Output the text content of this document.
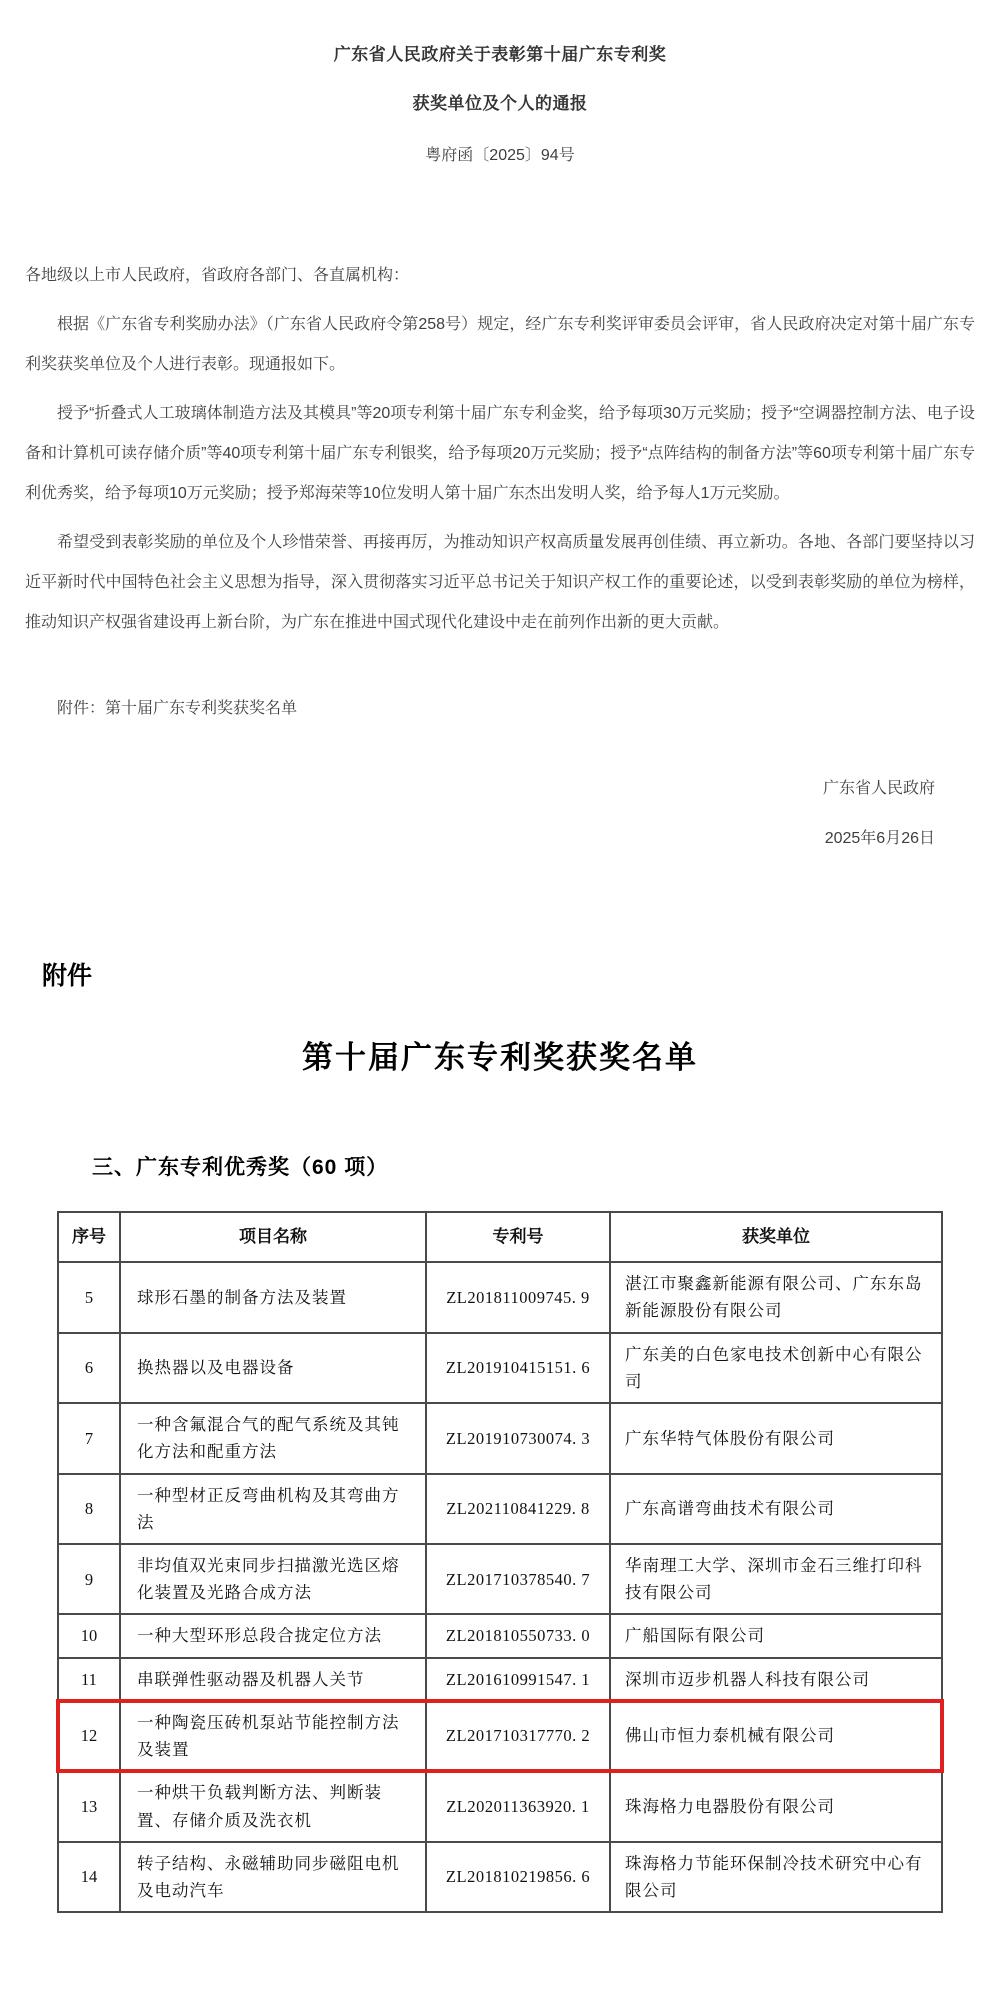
广东省人民政府关于表彰第十届广东专利奖
获奖单位及个人的通报
粤府函〔2025〕94号
各地级以上市人民政府，省政府各部门、各直属机构：

根据《广东省专利奖励办法》（广东省人民政府令第258号）规定，经广东专利奖评审委员会评审，省人民政府决定对第十届广东专利奖获奖单位及个人进行表彰。现通报如下。

授予“折叠式人工玻璃体制造方法及其模具”等20项专利第十届广东专利金奖，给予每项30万元奖励；授予“空调器控制方法、电子设备和计算机可读存储介质”等40项专利第十届广东专利银奖，给予每项20万元奖励；授予“点阵结构的制备方法”等60项专利第十届广东专利优秀奖，给予每项10万元奖励；授予郑海荣等10位发明人第十届广东杰出发明人奖，给予每人1万元奖励。

希望受到表彰奖励的单位及个人珍惜荣誉、再接再厉，为推动知识产权高质量发展再创佳绩、再立新功。各地、各部门要坚持以习近平新时代中国特色社会主义思想为指导，深入贯彻落实习近平总书记关于知识产权工作的重要论述，以受到表彰奖励的单位为榜样，推动知识产权强省建设再上新台阶，为广东在推进中国式现代化建设中走在前列作出新的更大贡献。

附件：第十届广东专利奖获奖名单
广东省人民政府
2025年6月26日
附件
第十届广东专利奖获奖名单
三、广东专利优秀奖（60 项）
序号	项目名称	专利号	获奖单位
5	球形石墨的制备方法及装置	ZL201811009745. 9	湛江市聚鑫新能源有限公司、广东东岛新能源股份有限公司
6	换热器以及电器设备	ZL201910415151. 6	广东美的白色家电技术创新中心有限公司
7	一种含氟混合气的配气系统及其钝化方法和配重方法	ZL201910730074. 3	广东华特气体股份有限公司
8	一种型材正反弯曲机构及其弯曲方法	ZL202110841229. 8	广东高谱弯曲技术有限公司
9	非均值双光束同步扫描激光选区熔化装置及光路合成方法	ZL201710378540. 7	华南理工大学、深圳市金石三维打印科技有限公司
10	一种大型环形总段合拢定位方法	ZL201810550733. 0	广船国际有限公司
11	串联弹性驱动器及机器人关节	ZL201610991547. 1	深圳市迈步机器人科技有限公司
12	一种陶瓷压砖机泵站节能控制方法及装置	ZL201710317770. 2	佛山市恒力泰机械有限公司
13	一种烘干负载判断方法、判断装置、存储介质及洗衣机	ZL202011363920. 1	珠海格力电器股份有限公司
14	转子结构、永磁辅助同步磁阻电机及电动汽车	ZL201810219856. 6	珠海格力节能环保制冷技术研究中心有限公司
